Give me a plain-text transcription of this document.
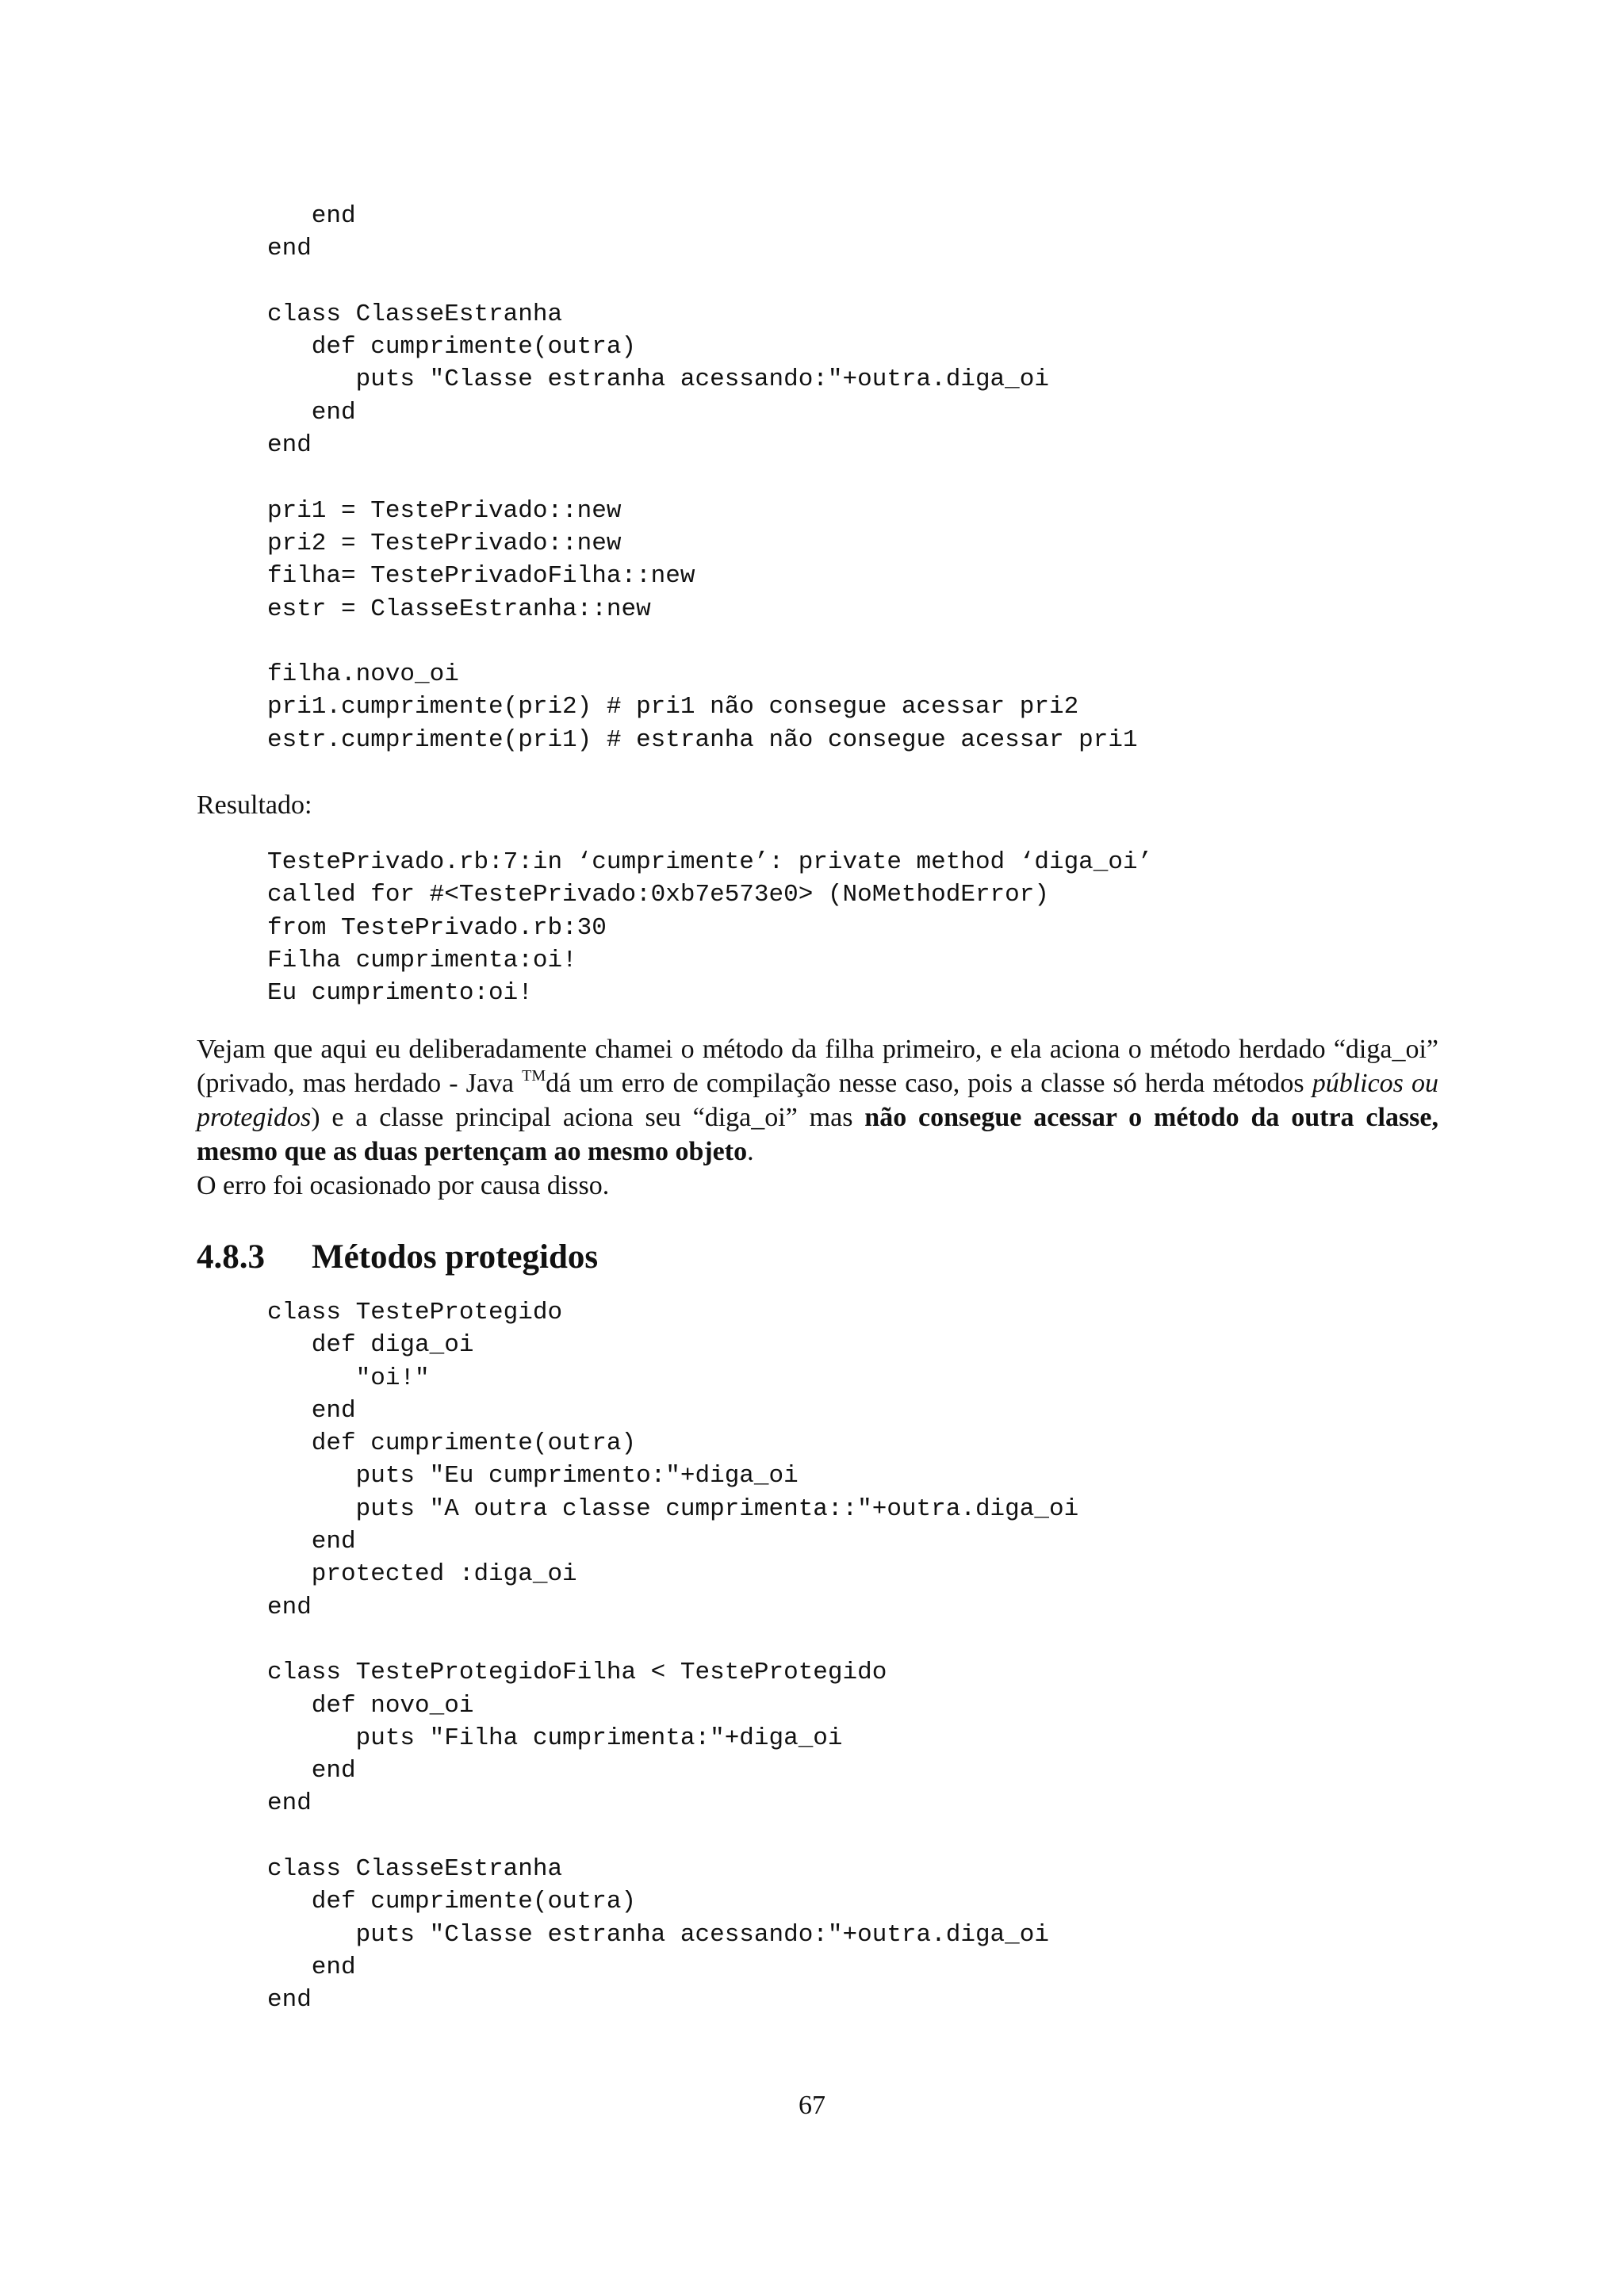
end
end

class ClasseEstranha
def cumprimente(outra)
puts "Classe estranha acessando:"+outra.diga_oi
end
end

pri1 = TestePrivado::new
pri2 = TestePrivado::new
filha= TestePrivadoFilha::new
estr = ClasseEstranha::new

filha.novo_oi
pri1.cumprimente(pri2) # pri1 não consegue acessar pri2
estr.cumprimente(pri1) # estranha não consegue acessar pri1

Resultado:

TestePrivado.rb:7:in ‘cumprimente’: private method ‘diga_oi’
called for #<TestePrivado:0xb7e573e0> (NoMethodError)
from TestePrivado.rb:30
Filha cumprimenta:oi!
Eu cumprimento:oi!

Vejam que aqui eu deliberadamente chamei o método da filha primeiro, e ela aciona o método herdado “diga_oi” (privado, mas herdado - Java ™dá um erro de compilação nesse caso, pois a classe só herda métodos públicos ou protegidos) e a classe principal aciona seu “diga_oi” mas não consegue acessar o método da outra classe, mesmo que as duas pertençam ao mesmo objeto.

O erro foi ocasionado por causa disso.

4.8.3 Métodos protegidos
class TesteProtegido
def diga_oi
"oi!"
end
def cumprimente(outra)
puts "Eu cumprimento:"+diga_oi
puts "A outra classe cumprimenta::"+outra.diga_oi
end
protected :diga_oi
end

class TesteProtegidoFilha < TesteProtegido
def novo_oi
puts "Filha cumprimenta:"+diga_oi
end
end

class ClasseEstranha
def cumprimente(outra)
puts "Classe estranha acessando:"+outra.diga_oi
end
end
67
